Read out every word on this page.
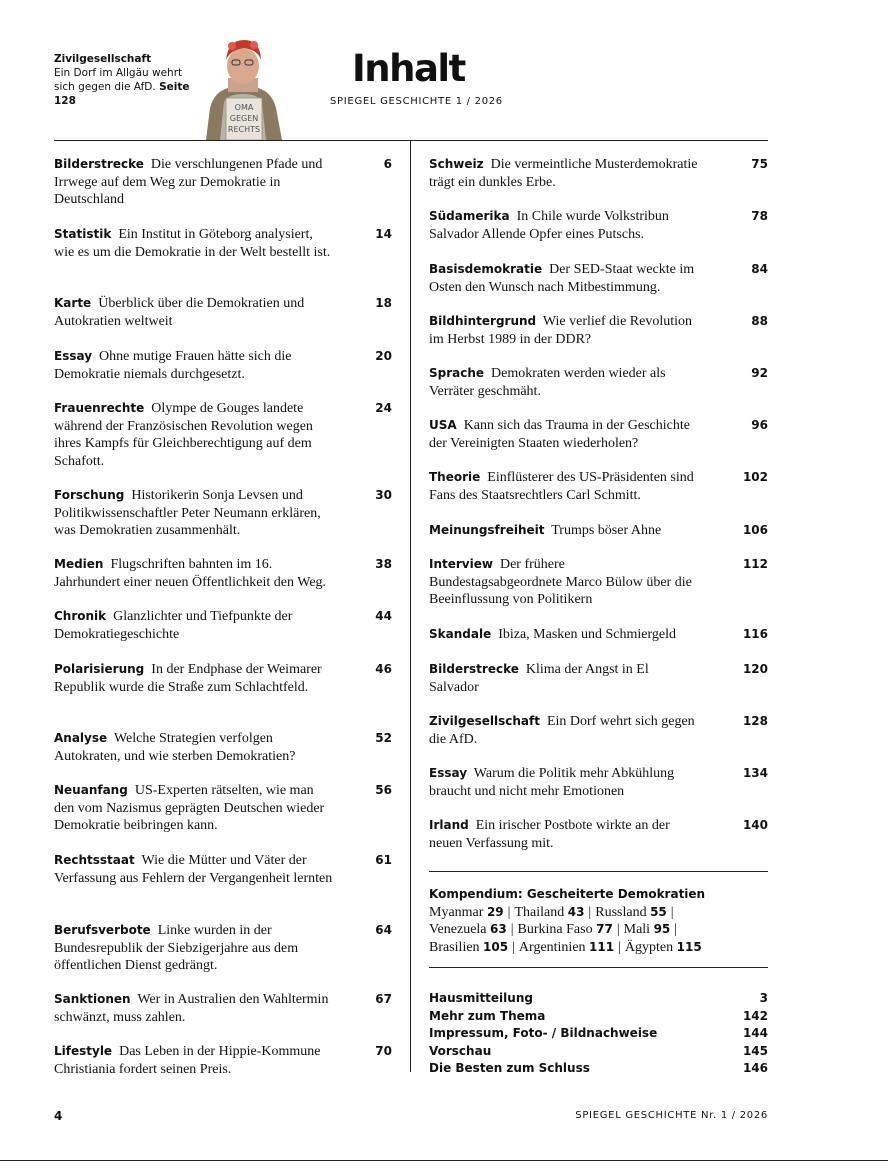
Zivilgesellschaft
Ein Dorf im Allgäu wehrt sich gegen die AfD. Seite 128
OMA
GEGEN
RECHTS
Inhalt
SPIEGEL GESCHICHTE 1 / 2026
Bilderstrecke Die verschlungenen Pfade und Irrwege auf dem Weg zur Demokratie in Deutschland
6
Statistik Ein Institut in Göteborg analysiert, wie es um die Demokratie in der Welt bestellt ist.
14
Karte Überblick über die Demokratien und Autokratien weltweit
18
Essay Ohne mutige Frauen hätte sich die Demokratie niemals durchgesetzt.
20
Frauenrechte Olympe de Gouges landete während der Französischen Revolution wegen ihres Kampfs für Gleichberechtigung auf dem Schafott.
24
Forschung Historikerin Sonja Levsen und Politikwissenschaftler Peter Neumann erklären, was Demokratien zusammenhält.
30
Medien Flugschriften bahnten im 16. Jahrhundert einer neuen Öffentlichkeit den Weg.
38
Chronik Glanzlichter und Tiefpunkte der Demokratiegeschichte
44
Polarisierung In der Endphase der Weimarer Republik wurde die Straße zum Schlachtfeld.
46
Analyse Welche Strategien verfolgen Autokraten, und wie sterben Demokratien?
52
Neuanfang US-Experten rätselten, wie man den vom Nazismus geprägten Deutschen wieder Demokratie beibringen kann.
56
Rechtsstaat Wie die Mütter und Väter der Verfassung aus Fehlern der Vergangenheit lernten
61
Berufsverbote Linke wurden in der Bundesrepublik der Siebzigerjahre aus dem öffentlichen Dienst gedrängt.
64
Sanktionen Wer in Australien den Wahltermin schwänzt, muss zahlen.
67
Lifestyle Das Leben in der Hippie-Kommune Christiania fordert seinen Preis.
70
Schweiz Die vermeintliche Musterdemokratie trägt ein dunkles Erbe.
75
Südamerika In Chile wurde Volkstribun Salvador Allende Opfer eines Putschs.
78
Basisdemokratie Der SED-Staat weckte im Osten den Wunsch nach Mitbestimmung.
84
Bildhintergrund Wie verlief die Revolution im Herbst 1989 in der DDR?
88
Sprache Demokraten werden wieder als Verräter geschmäht.
92
USA Kann sich das Trauma in der Geschichte der Vereinigten Staaten wiederholen?
96
Theorie Einflüsterer des US-Präsidenten sind Fans des Staatsrechtlers Carl Schmitt.
102
Meinungsfreiheit Trumps böser Ahne	106
Interview Der frühere Bundestagsabgeordnete Marco Bülow über die Beeinflussung von Politikern
112
Skandale Ibiza, Masken und Schmiergeld	116
Bilderstrecke Klima der Angst in El Salvador
120
Zivilgesellschaft Ein Dorf wehrt sich gegen die AfD.
128
Essay Warum die Politik mehr Abkühlung braucht und nicht mehr Emotionen
134
Irland Ein irischer Postbote wirkte an der neuen Verfassung mit.
140
Kompendium: Gescheiterte Demokratien
Myanmar 29 | Thailand 43 | Russland 55 |
Venezuela 63 | Burkina Faso 77 | Mali 95 |
Brasilien 105 | Argentinien 111 | Ägypten 115
Hausmitteilung	3
Mehr zum Thema	142
Impressum, Foto- / Bildnachweise	144
Vorschau	145
Die Besten zum Schluss	146
4	SPIEGEL GESCHICHTE Nr. 1 / 2026
